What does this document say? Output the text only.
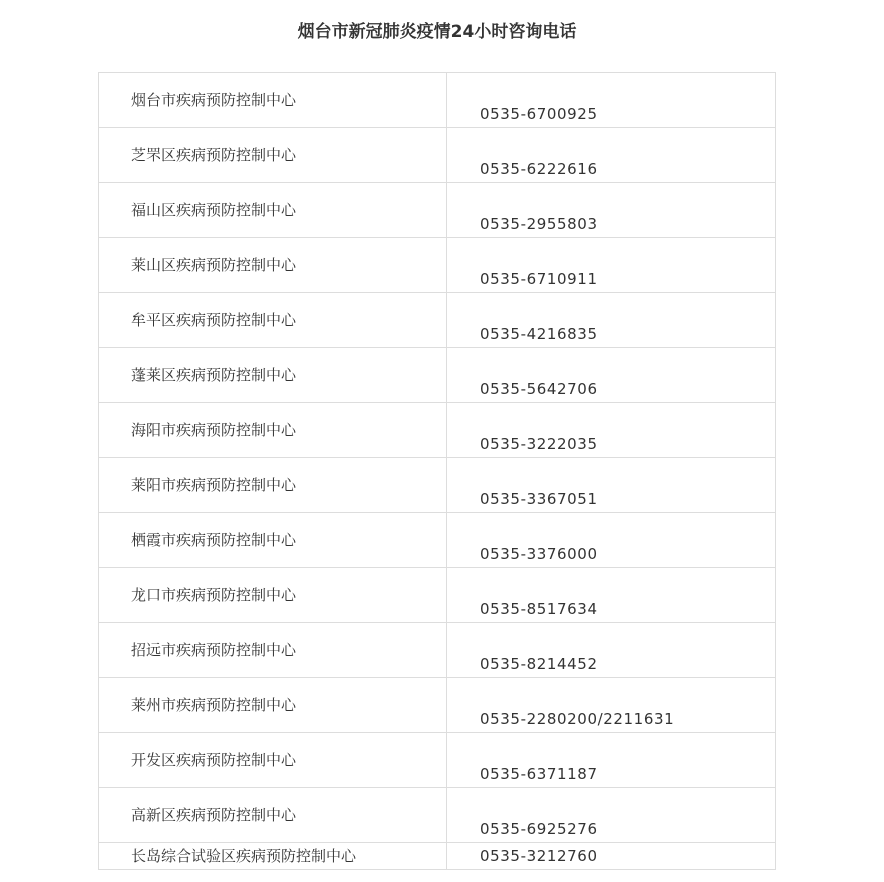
烟台市新冠肺炎疫情24小时咨询电话
烟台市疾病预防控制中心	0535-6700925

芝罘区疾病预防控制中心	0535-6222616

福山区疾病预防控制中心	0535-2955803

莱山区疾病预防控制中心	0535-6710911

牟平区疾病预防控制中心	0535-4216835

蓬莱区疾病预防控制中心	0535-5642706

海阳市疾病预防控制中心	0535-3222035

莱阳市疾病预防控制中心	0535-3367051

栖霞市疾病预防控制中心	0535-3376000

龙口市疾病预防控制中心	0535-8517634

招远市疾病预防控制中心	0535-8214452

莱州市疾病预防控制中心	0535-2280200/2211631

开发区疾病预防控制中心	0535-6371187

高新区疾病预防控制中心	0535-6925276

长岛综合试验区疾病预防控制中心	0535-3212760
